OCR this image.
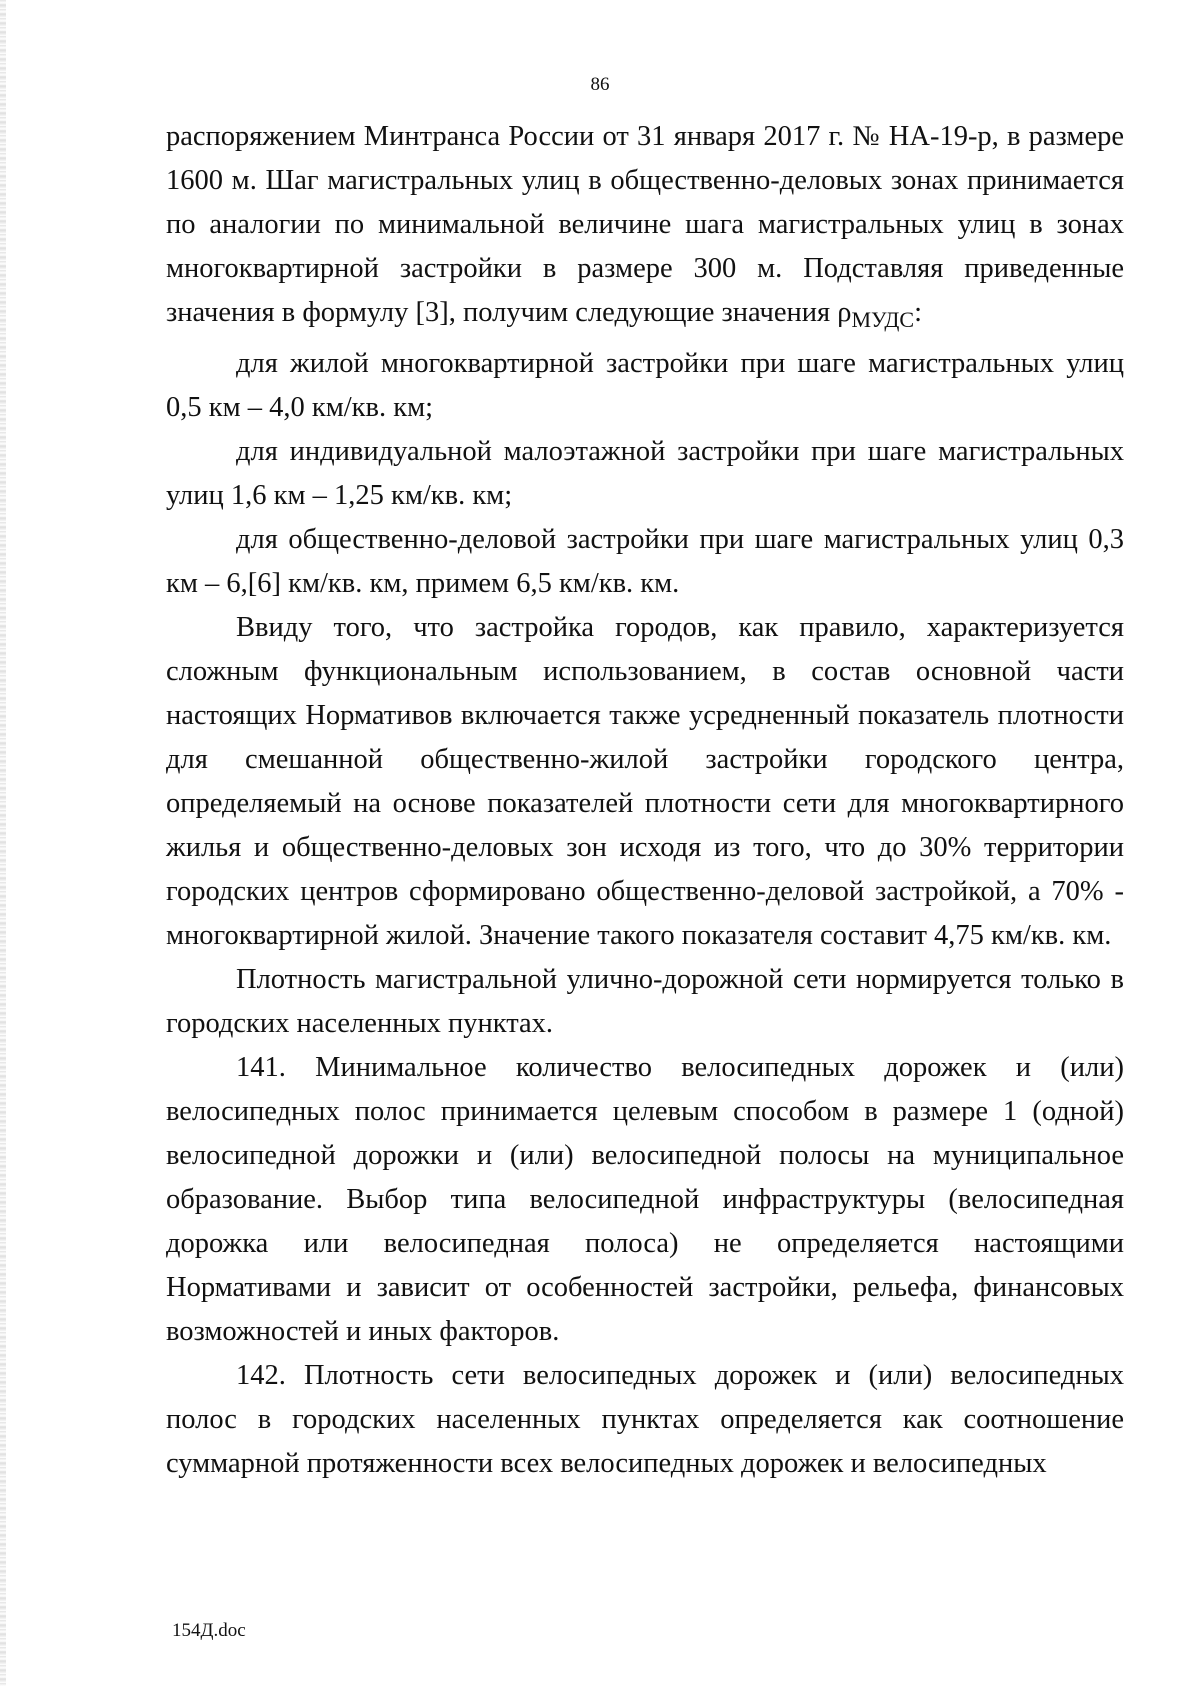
86

распоряжением Минтранса России от 31 января 2017 г. № НА-19-р, в размере 1600 м. Шаг магистральных улиц в общественно-деловых зонах принимается по аналогии по минимальной величине шага магистральных улиц в зонах многоквартирной застройки в размере 300 м. Подставляя приведенные значения в формулу [3], получим следующие значения $\rho_{МУДС}$:

для жилой многоквартирной застройки при шаге магистральных улиц 0,5 км – 4,0 км/кв. км;

для индивидуальной малоэтажной застройки при шаге магистральных улиц 1,6 км – 1,25 км/кв. км;

для общественно-деловой застройки при шаге магистральных улиц 0,3 км – 6,[6] км/кв. км, примем 6,5 км/кв. км.

Ввиду того, что застройка городов, как правило, характеризуется сложным функциональным использованием, в состав основной части настоящих Нормативов включается также усредненный показатель плотности для смешанной общественно-жилой застройки городского центра, определяемый на основе показателей плотности сети для многоквартирного жилья и общественно-деловых зон исходя из того, что до 30% территории городских центров сформировано общественно-деловой застройкой, а 70% - многоквартирной жилой. Значение такого показателя составит 4,75 км/кв. км.

Плотность магистральной улично-дорожной сети нормируется только в городских населенных пунктах.

141. Минимальное количество велосипедных дорожек и (или) велосипедных полос принимается целевым способом в размере 1 (одной) велосипедной дорожки и (или) велосипедной полосы на муниципальное образование. Выбор типа велосипедной инфраструктуры (велосипедная дорожка или велосипедная полоса) не определяется настоящими Нормативами и зависит от особенностей застройки, рельефа, финансовых возможностей и иных факторов.

142. Плотность сети велосипедных дорожек и (или) велосипедных полос в городских населенных пунктах определяется как соотношение суммарной протяженности всех велосипедных дорожек и велосипедных

154Д.doc
